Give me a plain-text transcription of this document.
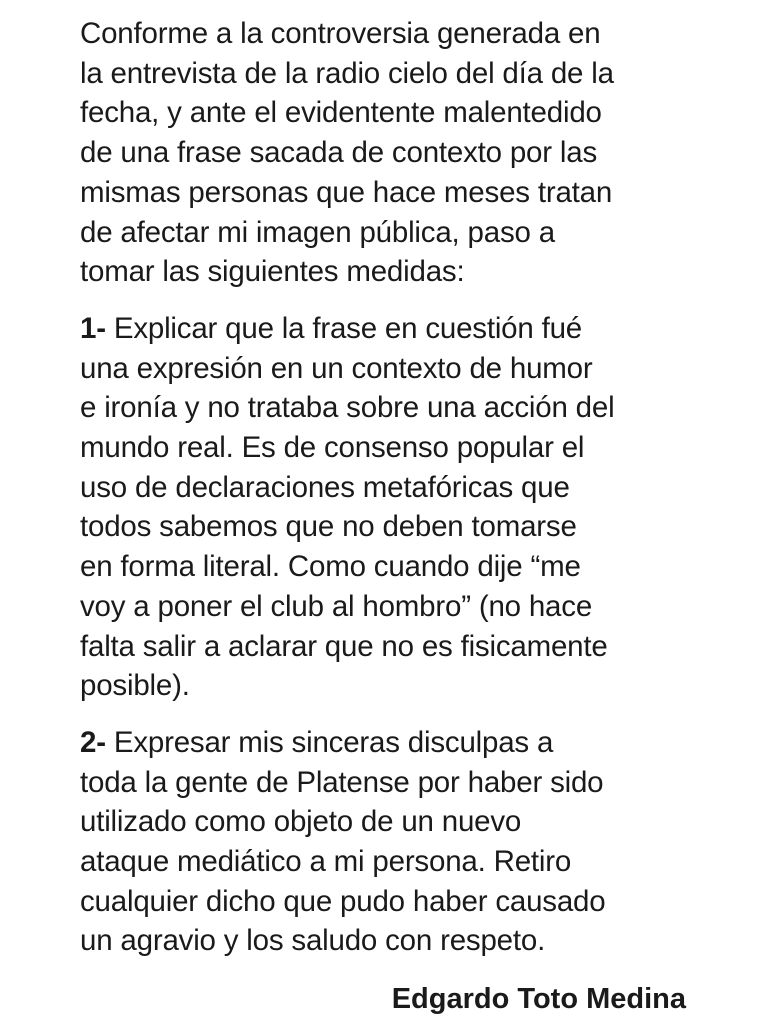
Conforme a la controversia generada en
la entrevista de la radio cielo del día de la
fecha, y ante el evidentente malentedido
de una frase sacada de contexto por las
mismas personas que hace meses tratan
de afectar mi imagen pública, paso a
tomar las siguientes medidas:

1- Explicar que la frase en cuestión fué
una expresión en un contexto de humor
e ironía y no trataba sobre una acción del
mundo real. Es de consenso popular el
uso de declaraciones metafóricas que
todos sabemos que no deben tomarse
en forma literal. Como cuando dije “me
voy a poner el club al hombro” (no hace
falta salir a aclarar que no es fisicamente
posible).

2- Expresar mis sinceras disculpas a
toda la gente de Platense por haber sido
utilizado como objeto de un nuevo
ataque mediático a mi persona. Retiro
cualquier dicho que pudo haber causado
un agravio y los saludo con respeto.

Edgardo Toto Medina
